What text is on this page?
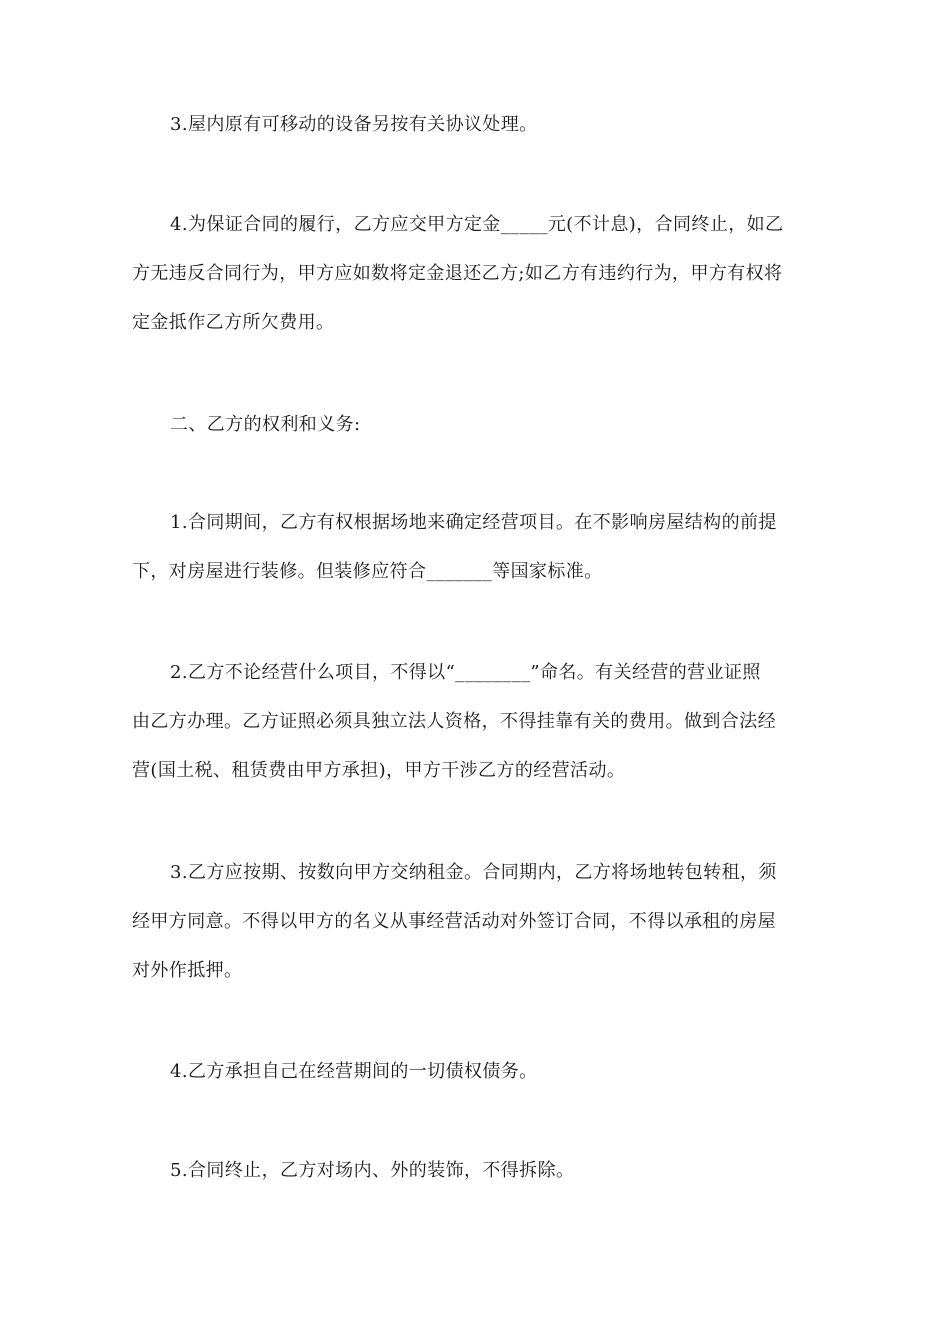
3.屋内原有可移动的设备另按有关协议处理。
4.为保证合同的履行，乙方应交甲方定金_____元(不计息)，合同终止，如乙
方无违反合同行为，甲方应如数将定金退还乙方;如乙方有违约行为，甲方有权将
定金抵作乙方所欠费用。
二、乙方的权利和义务:
1.合同期间，乙方有权根据场地来确定经营项目。在不影响房屋结构的前提
下，对房屋进行装修。但装修应符合_______等国家标准。
2.乙方不论经营什么项目，不得以“________”命名。有关经营的营业证照
由乙方办理。乙方证照必须具独立法人资格，不得挂靠有关的费用。做到合法经
营(国土税、租赁费由甲方承担)，甲方干涉乙方的经营活动。
3.乙方应按期、按数向甲方交纳租金。合同期内，乙方将场地转包转租，须
经甲方同意。不得以甲方的名义从事经营活动对外签订合同，不得以承租的房屋
对外作抵押。
4.乙方承担自己在经营期间的一切债权债务。
5.合同终止，乙方对场内、外的装饰，不得拆除。
